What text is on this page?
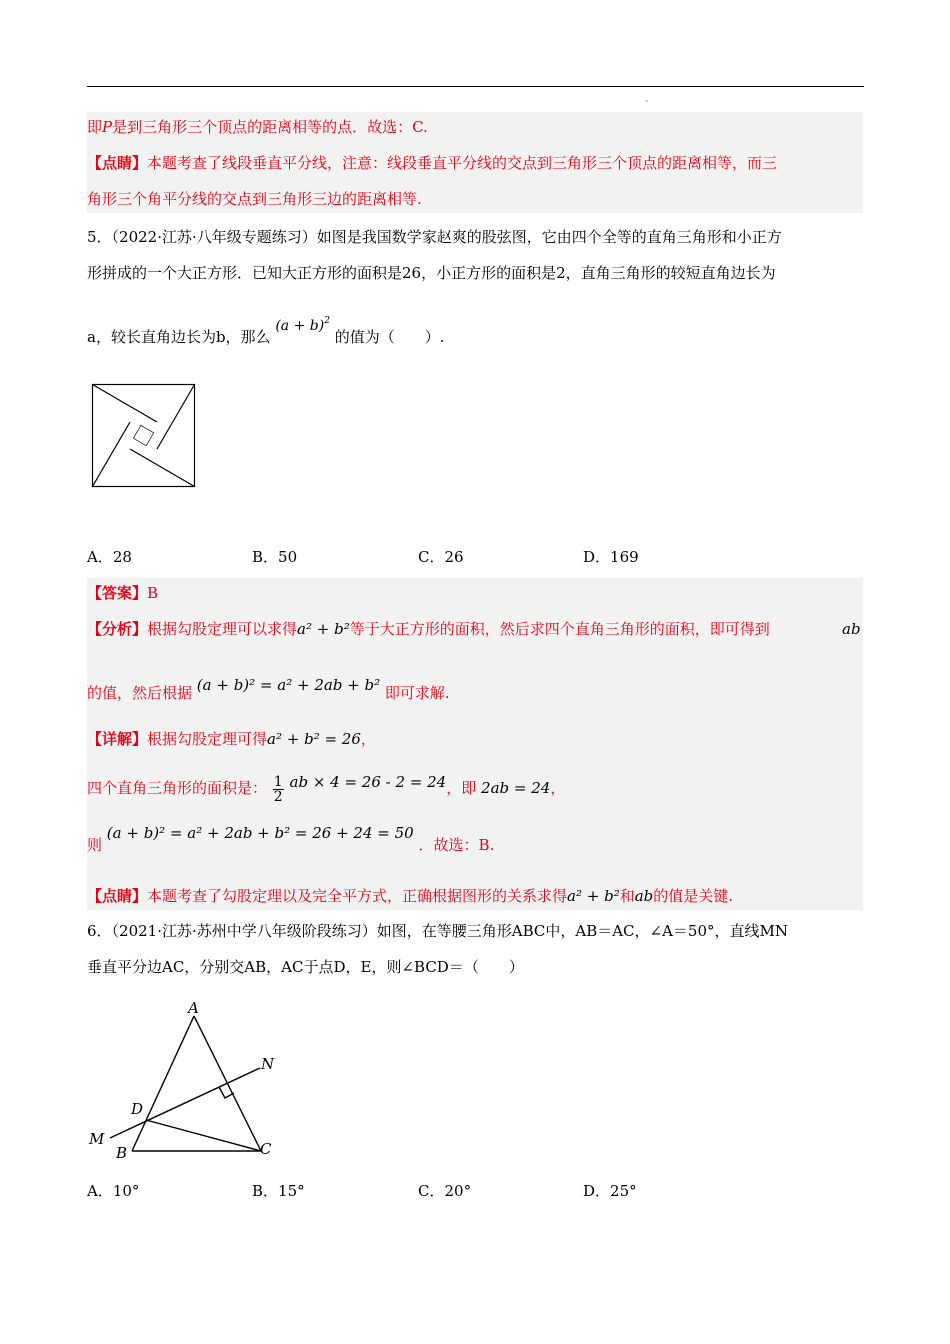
即P是到三角形三个顶点的距离相等的点．故选：C.
【点睛】本题考查了线段垂直平分线，注意：线段垂直平分线的交点到三角形三个顶点的距离相等，而三
角形三个角平分线的交点到三角形三边的距离相等.
5．（2022·江苏·八年级专题练习）如图是我国数学家赵爽的股弦图，它由四个全等的直角三角形和小正方
形拼成的一个大正方形．已知大正方形的面积是26，小正方形的面积是2，直角三角形的较短直角边长为
a，较长直角边长为b，那么 $(a + b)^2$ 的值为（　　）.
A．28	B．50	C．26	D．169
【答案】B
【分析】根据勾股定理可以求得a² + b²等于大正方形的面积，然后求四个直角三角形的面积，即可得到	ab
的值，然后根据 (a + b)² = a² + 2ab + b² 即可求解.
【详解】根据勾股定理可得a² + b² = 26，
四个直角三角形的面积是： $\frac{1}{2}$ ab × 4 = 26 - 2 = 24，即 2ab = 24，
则 (a + b)² = a² + 2ab + b² = 26 + 24 = 50 ．故选：B.
【点睛】本题考查了勾股定理以及完全平方式，正确根据图形的关系求得a² + b²和ab的值是关键.
6．（2021·江苏·苏州中学八年级阶段练习）如图，在等腰三角形ABC中，AB＝AC，∠A＝50°，直线MN
垂直平分边AC，分别交AB，AC于点D，E，则∠BCD＝（　　）
A
N
D
M
B	C
A．10°	B．15°	C．20°	D．25°
